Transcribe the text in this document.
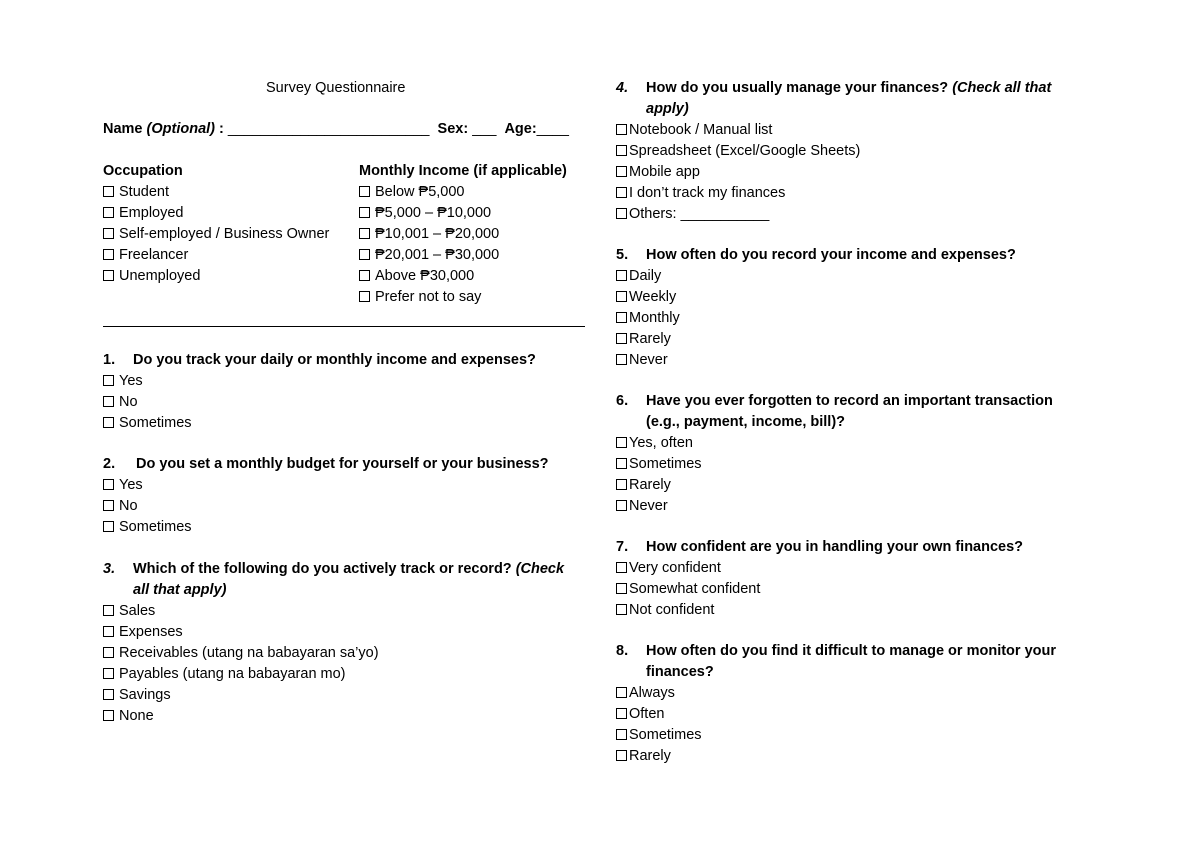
Survey Questionnaire
Name (Optional) : _________________________ Sex: ___ Age:____
Occupation
Student
Employed
Self-employed / Business Owner
Freelancer
Unemployed
Monthly Income (if applicable)
Below ₱5,000
₱5,000 – ₱10,000
₱10,001 – ₱20,000
₱20,001 – ₱30,000
Above ₱30,000
Prefer not to say
1. Do you track your daily or monthly income and expenses?
Yes
No
Sometimes
2. Do you set a monthly budget for yourself or your business?
Yes
No
Sometimes
3. Which of the following do you actively track or record? (Check
all that apply)
Sales
Expenses
Receivables (utang na babayaran sa’yo)
Payables (utang na babayaran mo)
Savings
None
4. How do you usually manage your finances? (Check all that
apply)
Notebook / Manual list
Spreadsheet (Excel/Google Sheets)
Mobile app
I don’t track my finances
Others: ___________
5. How often do you record your income and expenses?
Daily
Weekly
Monthly
Rarely
Never
6. Have you ever forgotten to record an important transaction
(e.g., payment, income, bill)?
Yes, often
Sometimes
Rarely
Never
7. How confident are you in handling your own finances?
Very confident
Somewhat confident
Not confident
8. How often do you find it difficult to manage or monitor your
finances?
Always
Often
Sometimes
Rarely
